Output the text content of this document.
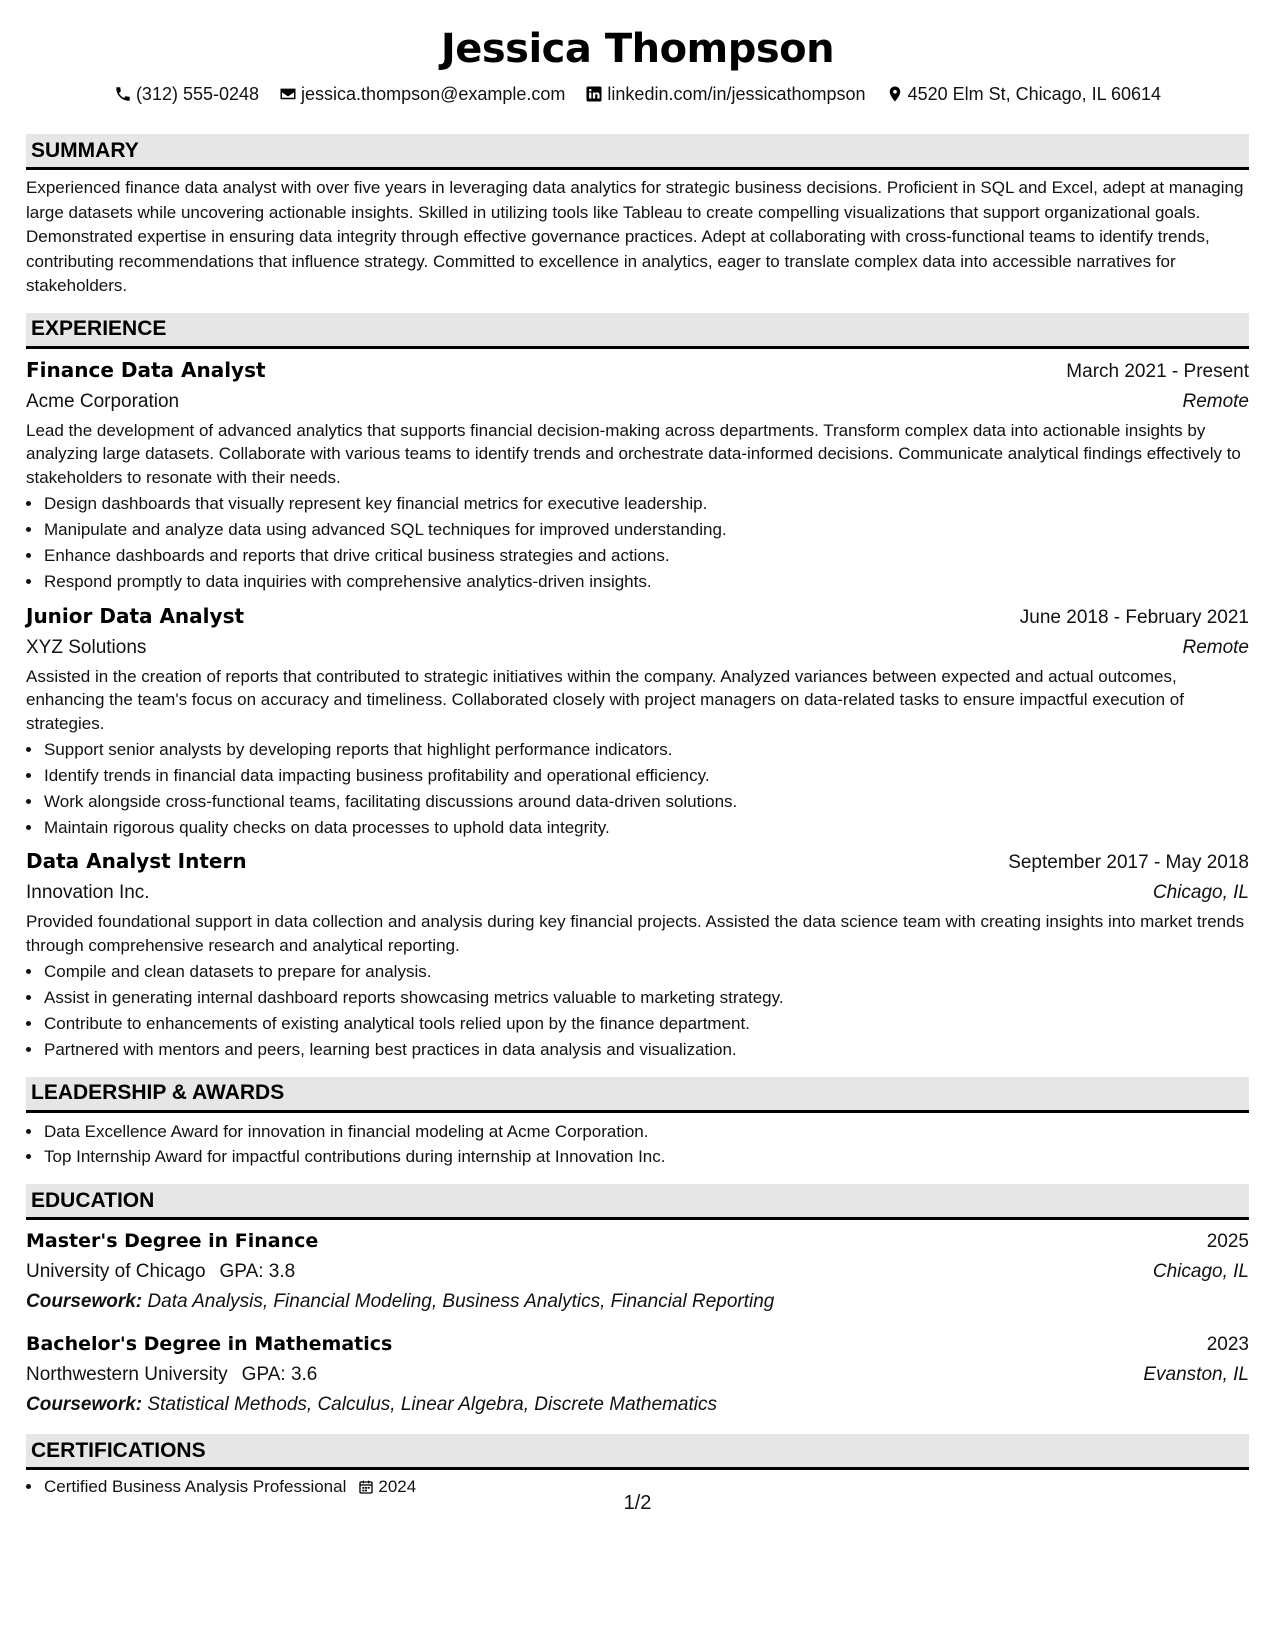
Jessica Thompson
(312) 555-0248 jessica.thompson@example.com linkedin.com/in/jessicathompson 4520 Elm St, Chicago, IL 60614
SUMMARY

Experienced finance data analyst with over five years in leveraging data analytics for strategic business decisions. Proficient in SQL and Excel, adept at managing large datasets while uncovering actionable insights. Skilled in utilizing tools like Tableau to create compelling visualizations that support organizational goals. Demonstrated expertise in ensuring data integrity through effective governance practices. Adept at collaborating with cross-functional teams to identify trends, contributing recommendations that influence strategy. Committed to excellence in analytics, eager to translate complex data into accessible narratives for stakeholders.

EXPERIENCE
Finance Data Analyst	March 2021 - Present
Acme Corporation	Remote
Lead the development of advanced analytics that supports financial decision-making across departments. Transform complex data into actionable insights by analyzing large datasets. Collaborate with various teams to identify trends and orchestrate data-informed decisions. Communicate analytical findings effectively to stakeholders to resonate with their needs.
• Design dashboards that visually represent key financial metrics for executive leadership.
• Manipulate and analyze data using advanced SQL techniques for improved understanding.
• Enhance dashboards and reports that drive critical business strategies and actions.
• Respond promptly to data inquiries with comprehensive analytics-driven insights.
Junior Data Analyst	June 2018 - February 2021
XYZ Solutions	Remote
Assisted in the creation of reports that contributed to strategic initiatives within the company. Analyzed variances between expected and actual outcomes, enhancing the team's focus on accuracy and timeliness. Collaborated closely with project managers on data-related tasks to ensure impactful execution of strategies.
• Support senior analysts by developing reports that highlight performance indicators.
• Identify trends in financial data impacting business profitability and operational efficiency.
• Work alongside cross-functional teams, facilitating discussions around data-driven solutions.
• Maintain rigorous quality checks on data processes to uphold data integrity.
Data Analyst Intern	September 2017 - May 2018
Innovation Inc.	Chicago, IL
Provided foundational support in data collection and analysis during key financial projects. Assisted the data science team with creating insights into market trends through comprehensive research and analytical reporting.
• Compile and clean datasets to prepare for analysis.
• Assist in generating internal dashboard reports showcasing metrics valuable to marketing strategy.
• Contribute to enhancements of existing analytical tools relied upon by the finance department.
• Partnered with mentors and peers, learning best practices in data analysis and visualization.
LEADERSHIP & AWARDS
• Data Excellence Award for innovation in financial modeling at Acme Corporation.
• Top Internship Award for impactful contributions during internship at Innovation Inc.
EDUCATION
Master's Degree in Finance	2025
University of Chicago GPA: 3.8	Chicago, IL
Coursework: Data Analysis, Financial Modeling, Business Analytics, Financial Reporting
Bachelor's Degree in Mathematics	2023
Northwestern University GPA: 3.6	Evanston, IL
Coursework: Statistical Methods, Calculus, Linear Algebra, Discrete Mathematics
CERTIFICATIONS
• Certified Business Analysis Professional 2024
1/2
